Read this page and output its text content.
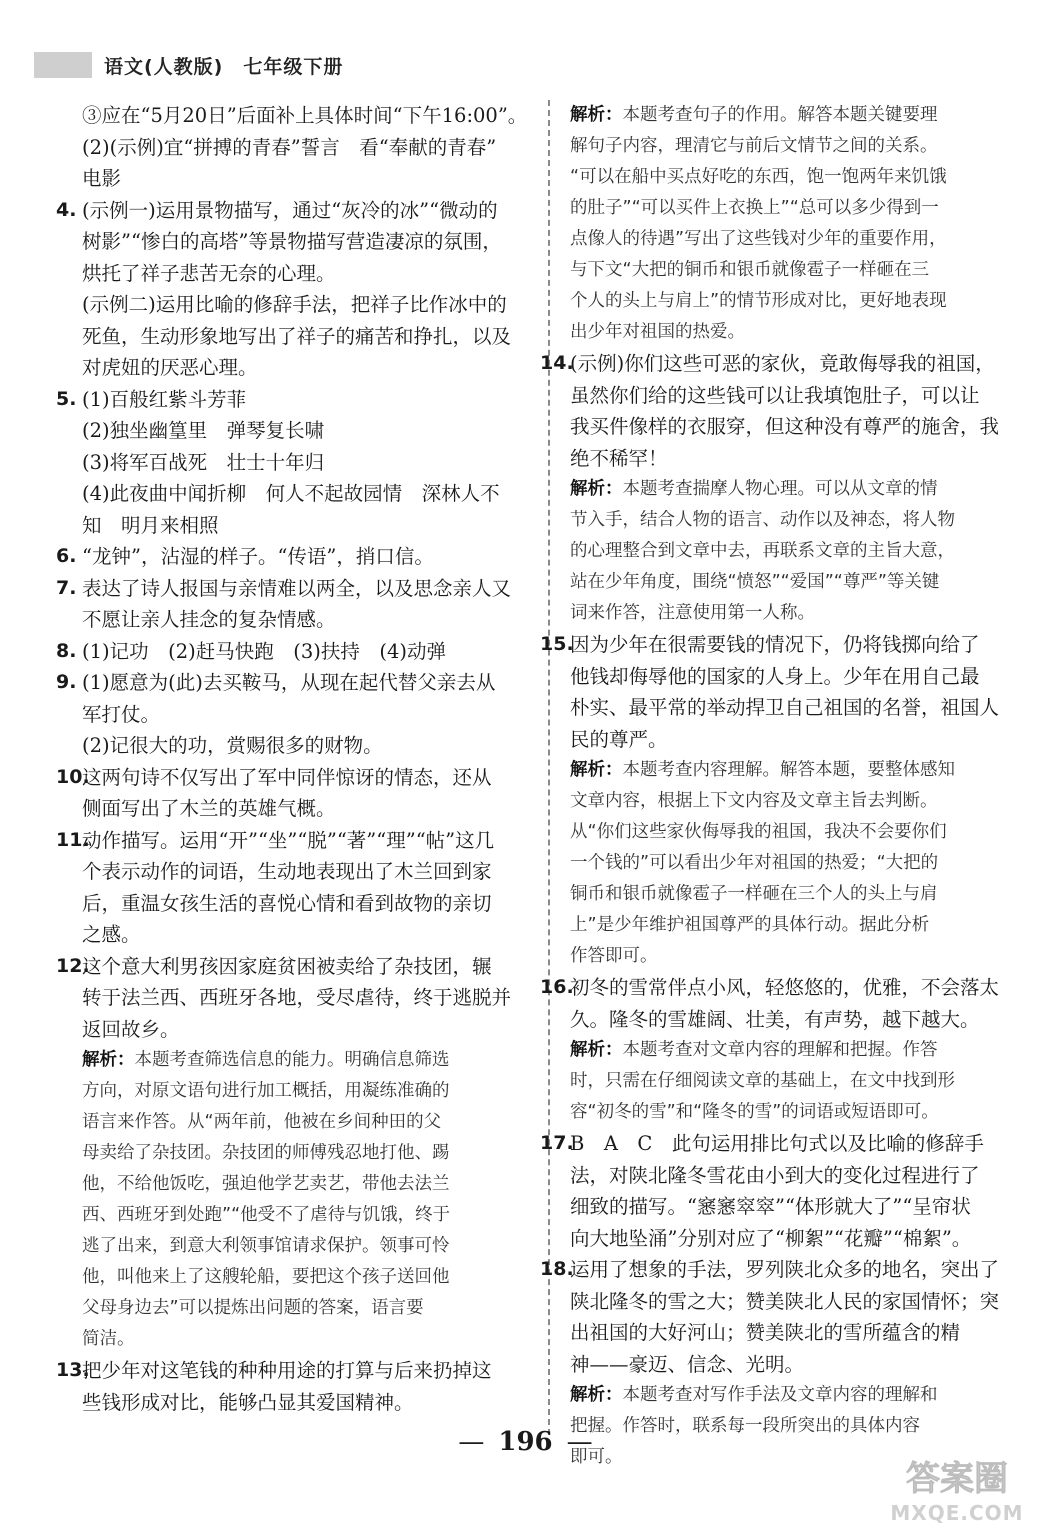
语文(人教版)　七年级下册
③应在“5月20日”后面补上具体时间“下午16:00”。
(2)(示例)宜“拼搏的青春”誓言　看“奉献的青春”
电影
4. (示例一)运用景物描写，通过“灰冷的冰”“微动的
树影”“惨白的高塔”等景物描写营造凄凉的氛围，
烘托了祥子悲苦无奈的心理。
(示例二)运用比喻的修辞手法，把祥子比作冰中的
死鱼，生动形象地写出了祥子的痛苦和挣扎，以及
对虎妞的厌恶心理。
5. (1)百般红紫斗芳菲
(2)独坐幽篁里　弹琴复长啸
(3)将军百战死　壮士十年归
(4)此夜曲中闻折柳　何人不起故园情　深林人不
知　明月来相照
6. “龙钟”，沾湿的样子。“传语”，捎口信。
7. 表达了诗人报国与亲情难以两全，以及思念亲人又
不愿让亲人挂念的复杂情感。
8. (1)记功　(2)赶马快跑　(3)扶持　(4)动弹
9. (1)愿意为(此)去买鞍马，从现在起代替父亲去从
军打仗。
(2)记很大的功，赏赐很多的财物。
10.
这两句诗不仅写出了军中同伴惊讶的情态，还从
侧面写出了木兰的英雄气概。
11.
动作描写。运用“开”“坐”“脱”“著”“理”“帖”这几
个表示动作的词语，生动地表现出了木兰回到家
后，重温女孩生活的喜悦心情和看到故物的亲切
之感。
12.
这个意大利男孩因家庭贫困被卖给了杂技团，辗
转于法兰西、西班牙各地，受尽虐待，终于逃脱并
返回故乡。
解析：本题考查筛选信息的能力。明确信息筛选
方向，对原文语句进行加工概括，用凝练准确的
语言来作答。从“两年前，他被在乡间种田的父
母卖给了杂技团。杂技团的师傅残忍地打他、踢
他，不给他饭吃，强迫他学艺卖艺，带他去法兰
西、西班牙到处跑”“他受不了虐待与饥饿，终于
逃了出来，到意大利领事馆请求保护。领事可怜
他，叫他来上了这艘轮船，要把这个孩子送回他
父母身边去”可以提炼出问题的答案，语言要
简洁。
13.
把少年对这笔钱的种种用途的打算与后来扔掉这
些钱形成对比，能够凸显其爱国精神。
解析：本题考查句子的作用。解答本题关键要理
解句子内容，理清它与前后文情节之间的关系。
“可以在船中买点好吃的东西，饱一饱两年来饥饿
的肚子”“可以买件上衣换上”“总可以多少得到一
点像人的待遇”写出了这些钱对少年的重要作用，
与下文“大把的铜币和银币就像雹子一样砸在三
个人的头上与肩上”的情节形成对比，更好地表现
出少年对祖国的热爱。
14.
(示例)你们这些可恶的家伙，竟敢侮辱我的祖国，
虽然你们给的这些钱可以让我填饱肚子，可以让
我买件像样的衣服穿，但这种没有尊严的施舍，我
绝不稀罕！
解析：本题考查揣摩人物心理。可以从文章的情
节入手，结合人物的语言、动作以及神态，将人物
的心理整合到文章中去，再联系文章的主旨大意，
站在少年角度，围绕“愤怒”“爱国”“尊严”等关键
词来作答，注意使用第一人称。
15.
因为少年在很需要钱的情况下，仍将钱掷向给了
他钱却侮辱他的国家的人身上。少年在用自己最
朴实、最平常的举动捍卫自己祖国的名誉，祖国人
民的尊严。
解析：本题考查内容理解。解答本题，要整体感知
文章内容，根据上下文内容及文章主旨去判断。
从“你们这些家伙侮辱我的祖国，我决不会要你们
一个钱的”可以看出少年对祖国的热爱；“大把的
铜币和银币就像雹子一样砸在三个人的头上与肩
上”是少年维护祖国尊严的具体行动。据此分析
作答即可。
16.
初冬的雪常伴点小风，轻悠悠的，优雅，不会落太
久。隆冬的雪雄阔、壮美，有声势，越下越大。
解析：本题考查对文章内容的理解和把握。作答
时，只需在仔细阅读文章的基础上，在文中找到形
容“初冬的雪”和“隆冬的雪”的词语或短语即可。
17.
B　A　C　此句运用排比句式以及比喻的修辞手
法，对陕北隆冬雪花由小到大的变化过程进行了
细致的描写。“窸窸窣窣”“体形就大了”“呈帘状
向大地坠涌”分别对应了“柳絮”“花瓣”“棉絮”。
18.
运用了想象的手法，罗列陕北众多的地名，突出了
陕北隆冬的雪之大；赞美陕北人民的家国情怀；突
出祖国的大好河山；赞美陕北的雪所蕴含的精
神——豪迈、信念、光明。
解析：本题考查对写作手法及文章内容的理解和
把握。作答时，联系每一段所突出的具体内容
即可。
— 196 —
答案圈
MXQE.COM
